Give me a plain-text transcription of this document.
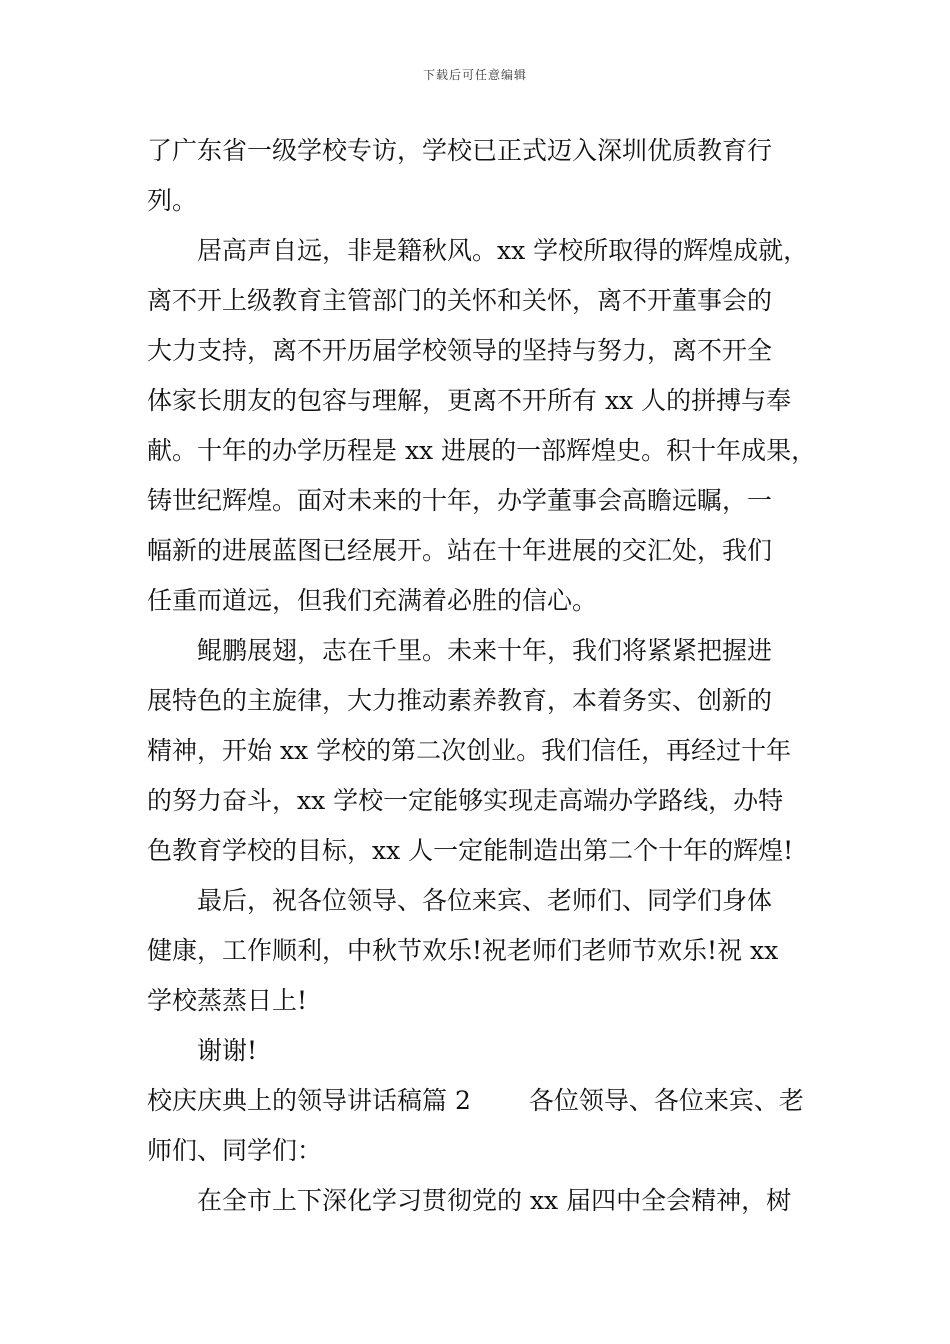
下载后可任意编辑
了广东省一级学校专访，学校已正式迈入深圳优质教育行
列。
居高声自远，非是籍秋风。xx 学校所取得的辉煌成就，
离不开上级教育主管部门的关怀和关怀，离不开董事会的
大力支持，离不开历届学校领导的坚持与努力，离不开全
体家长朋友的包容与理解，更离不开所有 xx 人的拼搏与奉
献。十年的办学历程是 xx 进展的一部辉煌史。积十年成果，
铸世纪辉煌。面对未来的十年，办学董事会高瞻远瞩，一
幅新的进展蓝图已经展开。站在十年进展的交汇处，我们
任重而道远，但我们充满着必胜的信心。
鲲鹏展翅，志在千里。未来十年，我们将紧紧把握进
展特色的主旋律，大力推动素养教育，本着务实、创新的
精神，开始 xx 学校的第二次创业。我们信任，再经过十年
的努力奋斗，xx 学校一定能够实现走高端办学路线，办特
色教育学校的目标，xx 人一定能制造出第二个十年的辉煌!
最后，祝各位领导、各位来宾、老师们、同学们身体
健康，工作顺利，中秋节欢乐!祝老师们老师节欢乐!祝 xx
学校蒸蒸日上!
谢谢!
校庆庆典上的领导讲话稿篇 2 各位领导、各位来宾、老
师们、同学们：
在全市上下深化学习贯彻党的 xx 届四中全会精神，树
